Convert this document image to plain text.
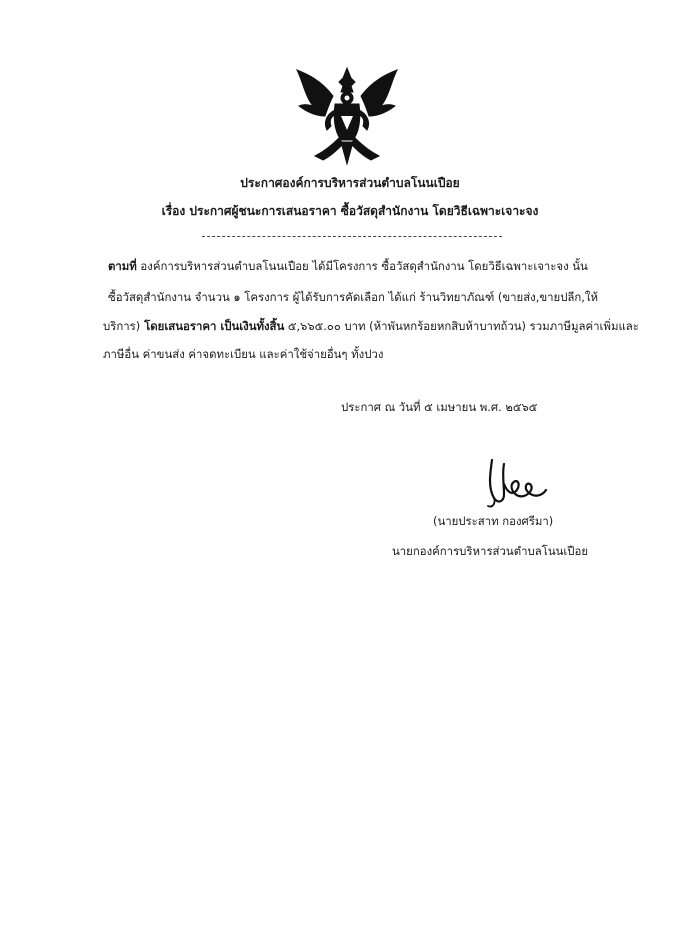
ประกาศองค์การบริหารส่วนตำบลโนนเปือย
เรื่อง ประกาศผู้ชนะการเสนอราคา ซื้อวัสดุสำนักงาน โดยวิธีเฉพาะเจาะจง
ตามที่ องค์การบริหารส่วนตำบลโนนเปือย ได้มีโครงการ ซื้อวัสดุสำนักงาน โดยวิธีเฉพาะเจาะจง นั้น
ซื้อวัสดุสำนักงาน จำนวน ๑ โครงการ ผู้ได้รับการคัดเลือก ได้แก่ ร้านวิทยาภัณฑ์ (ขายส่ง,ขายปลีก,ให้
บริการ) โดยเสนอราคา เป็นเงินทั้งสิ้น ๕,๖๖๕.๐๐ บาท (ห้าพันหกร้อยหกสิบห้าบาทถ้วน) รวมภาษีมูลค่าเพิ่มและ
ภาษีอื่น ค่าขนส่ง ค่าจดทะเบียน และค่าใช้จ่ายอื่นๆ ทั้งปวง
ประกาศ ณ วันที่ ๕ เมษายน พ.ศ. ๒๕๖๕
(นายประสาท กองศรีมา)
นายกองค์การบริหารส่วนตำบลโนนเปือย
